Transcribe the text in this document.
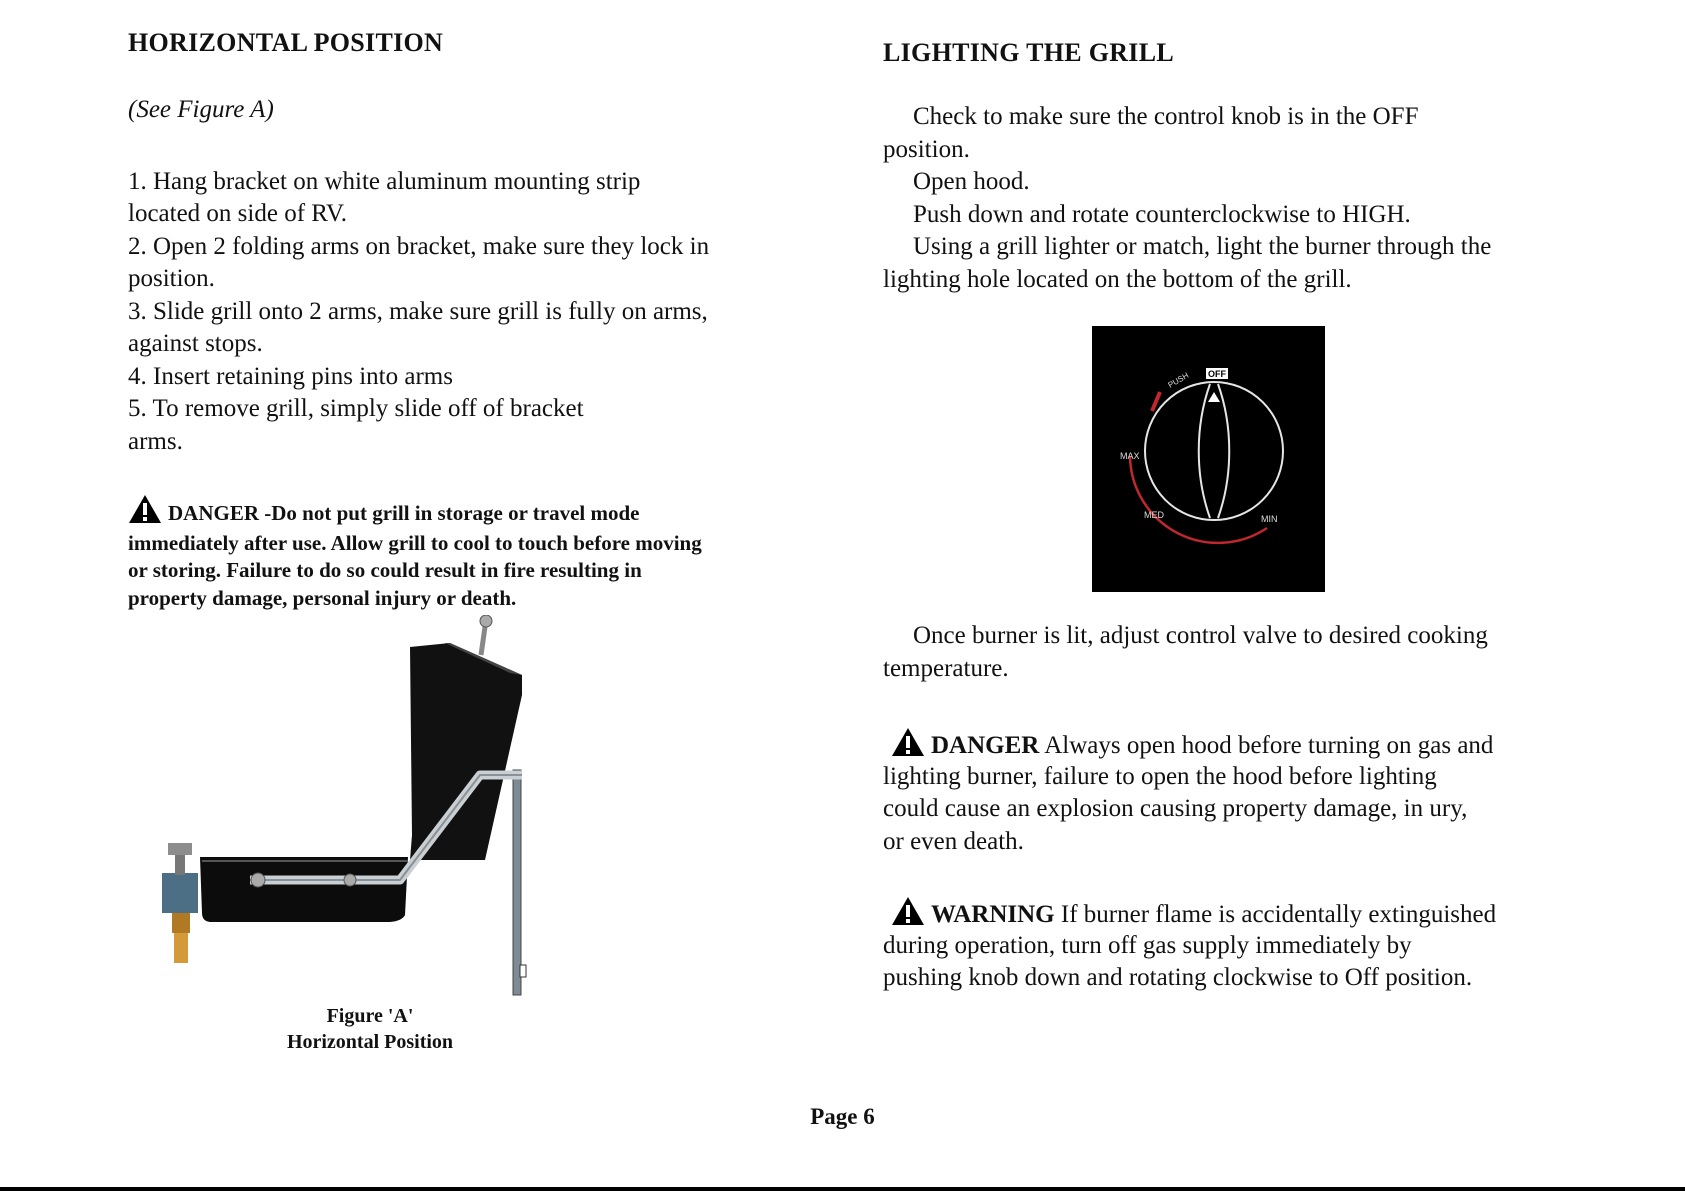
HORIZONTAL POSITION

(See Figure A)

1. Hang bracket on white aluminum mounting strip

located on side of RV.

2. Open 2 folding arms on bracket, make sure they lock in

position.

3. Slide grill onto 2 arms, make sure grill is fully on arms,

against stops.

4. Insert retaining pins into arms

5. To remove grill, simply slide off of bracket

arms.

DANGER -Do not put grill in storage or travel mode

immediately after use. Allow grill to cool to touch before moving

or storing. Failure to do so could result in fire resulting in

property damage, personal injury or death.

Figure 'A'
Horizontal Position
LIGHTING THE GRILL

Check to make sure the control knob is in the OFF

position.

Open hood.

Push down and rotate counterclockwise to HIGH.

Using a grill lighter or match, light the burner through the

lighting hole located on the bottom of the grill.

OFF
PUSH
MAX
MED	MIN

Once burner is lit, adjust control valve to desired cooking

temperature.

DANGER Always open hood before turning on gas and

lighting burner, failure to open the hood before lighting

could cause an explosion causing property damage, in ury,

or even death.

WARNING If burner flame is accidentally extinguished

during operation, turn off gas supply immediately by

pushing knob down and rotating clockwise to Off position.

Page 6
